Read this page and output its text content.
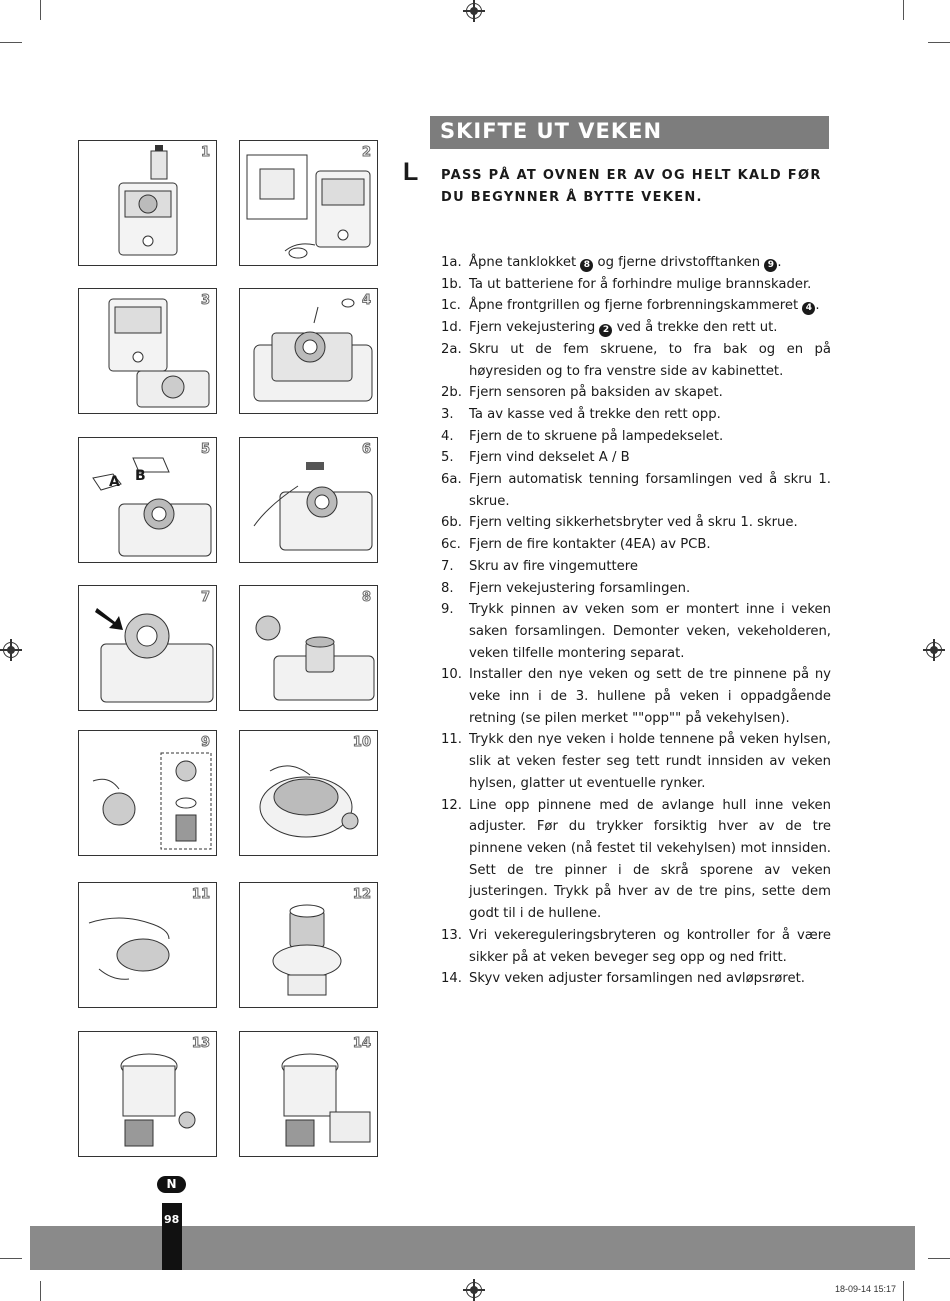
1	2
3	4
5
A B
6
7	8
9	10
11	12
13	14
SKIFTE UT VEKEN
L PASS PÅ AT OVNEN ER AV OG HELT KALD FØR DU BEGYNNER Å BYTTE VEKEN.
1a. Åpne tanklokket 8 og fjerne drivstofftanken 9 .
1b. Ta ut batteriene for å forhindre mulige brannskader.
1c. Åpne frontgrillen og fjerne forbrenningskammeret 4 .
1d. Fjern vekejustering 2 ved å trekke den rett ut.
2a. Skru ut de fem skruene, to fra bak og en på høyresiden og to fra venstre side av kabinettet.
2b. Fjern sensoren på baksiden av skapet.
3.	Ta av kasse ved å trekke den rett opp.
4.	Fjern de to skruene på lampedekselet.
5.	Fjern vind dekselet A / B
6a. Fjern automatisk tenning forsamlingen ved å skru 1. skrue.
6b. Fjern velting sikkerhetsbryter ved å skru 1. skrue.
6c. Fjern de fire kontakter (4EA) av PCB.
7.	Skru av fire vingemuttere
8.	Fjern vekejustering forsamlingen.
9.	Trykk pinnen av veken som er montert inne i veken saken forsamlingen. Demonter veken, vekeholderen, veken tilfelle montering separat.
10. Installer den nye veken og sett de tre pinnene på ny veke inn i de 3. hullene på veken i oppadgående retning (se pilen merket ""opp"" på vekehylsen).
11. Trykk den nye veken i holde tennene på veken hylsen, slik at veken fester seg tett rundt innsiden av veken hylsen, glatter ut eventuelle rynker.
12. Line opp pinnene med de avlange hull inne veken adjuster. Før du trykker forsiktig hver av de tre pinnene veken (nå festet til vekehylsen) mot innsiden. Sett de tre pinner i de skrå sporene av veken justeringen. Trykk på hver av de tre pins, sette dem godt til i de hullene.
13. Vri vekereguleringsbryteren og kontroller for å være sikker på at veken beveger seg opp og ned fritt.
14. Skyv veken adjuster forsamlingen ned avløpsrøret.
N
98
18-09-14 15:17
